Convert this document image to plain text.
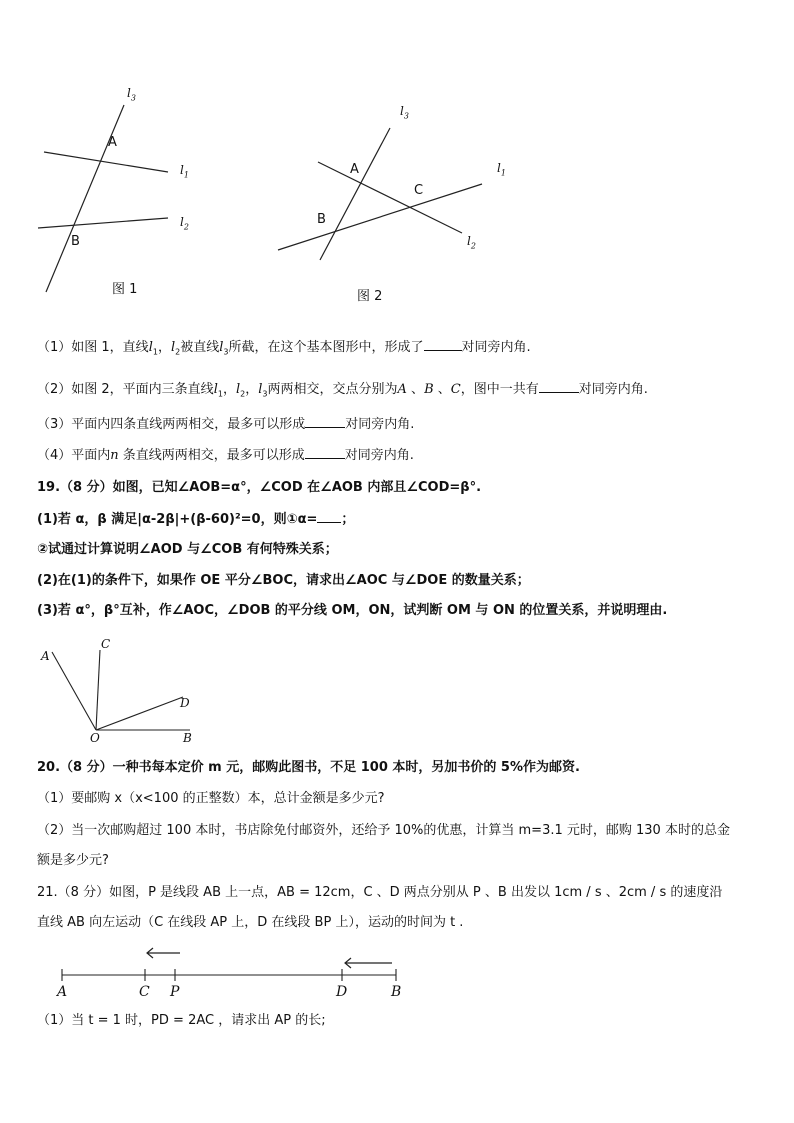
A
B
$l_3$
$l_1$
$l_2$
图 1
A
C
B
$l_3$
$l_1$
$l_2$
图 2
（1）如图 1，直线$l_1$，$l_2$被直线$l_3$所截，在这个基本图形中，形成了	对同旁内角.
（2）如图 2，平面内三条直线$l_1$，$l_2$，$l_3$两两相交，交点分别为A 、B 、C，图中一共有	对同旁内角.
（3）平面内四条直线两两相交，最多可以形成	对同旁内角.
（4）平面内n 条直线两两相交，最多可以形成	对同旁内角.
19.（8 分）如图，已知∠AOB=α°，∠COD 在∠AOB 内部且∠COD=β°.
(1)若 α，β 满足|α-2β|+(β-60)²=0，则①α= ；
②试通过计算说明∠AOD 与∠COB 有何特殊关系；
(2)在(1)的条件下，如果作 OE 平分∠BOC，请求出∠AOC 与∠DOE 的数量关系；
(3)若 α°，β°互补，作∠AOC，∠DOB 的平分线 OM，ON，试判断 OM 与 ON 的位置关系，并说明理由.
A
C
D
O	B
20.（8 分）一种书每本定价 m 元，邮购此图书，不足 100 本时，另加书价的 5%作为邮资.
（1）要邮购 x（x<100 的正整数）本，总计金额是多少元?
（2）当一次邮购超过 100 本时，书店除免付邮资外，还给予 10%的优惠，计算当 m=3.1 元时，邮购 130 本时的总金
额是多少元?
21.（8 分）如图，P 是线段 AB 上一点，AB = 12cm，C 、D 两点分别从 P 、B 出发以 1cm / s 、2cm / s 的速度沿
直线 AB 向左运动（C 在线段 AP 上，D 在线段 BP 上），运动的时间为 t .
A	C P	D	B
（1）当 t = 1 时，PD = 2AC ，请求出 AP 的长;
